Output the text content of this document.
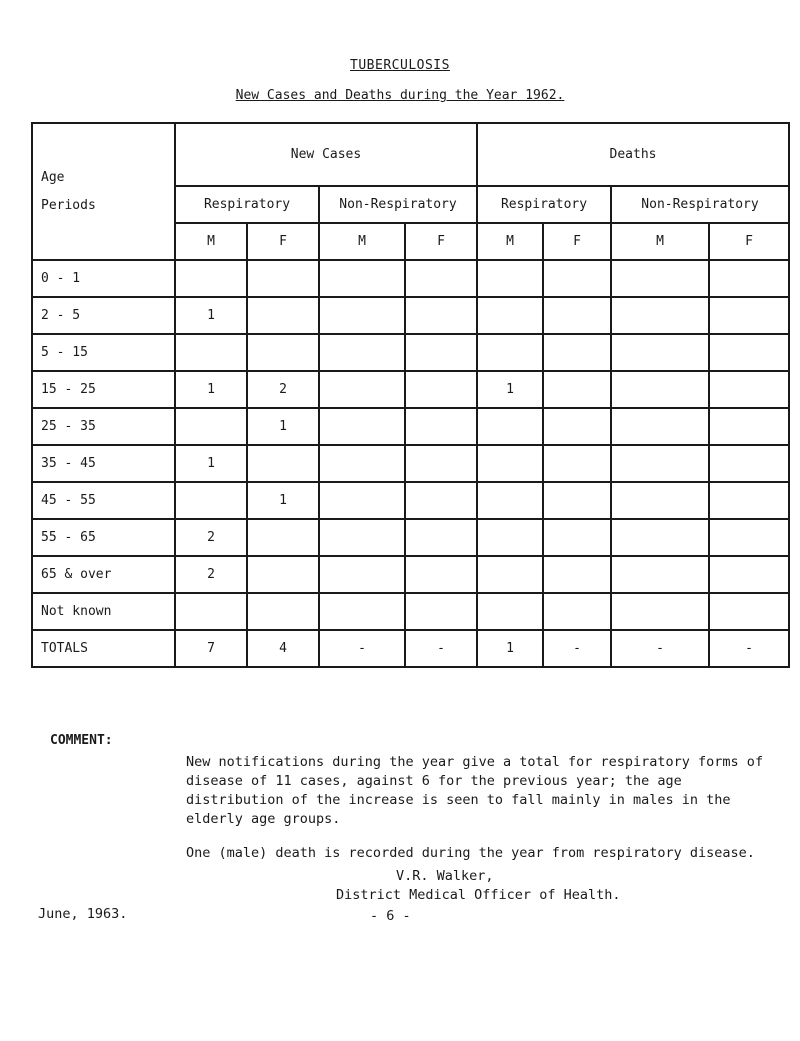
TUBERCULOSIS
New Cases and Deaths during the Year 1962.
Age
Periods	New Cases				Deaths			
	Respiratory		Non-Respiratory		Respiratory		Non-Respiratory	
	M	F	M	F	M	F	M	F
0 - 1								
2 - 5	1							
5 - 15								
15 - 25	1	2			1			
25 - 35		1						
35 - 45	1							
45 - 55		1						
55 - 65	2							
65 & over	2							
Not known								
TOTALS	7	4	-	-	1	-	-	-
COMMENT:

New notifications during the year give a total for respiratory forms of disease of 11 cases, against 6 for the previous year; the age distribution of the increase is seen to fall mainly in males in the elderly age groups.

One (male) death is recorded during the year from respiratory disease.

V.R. Walker,
District Medical Officer of Health.
June, 1963.	- 6 -
